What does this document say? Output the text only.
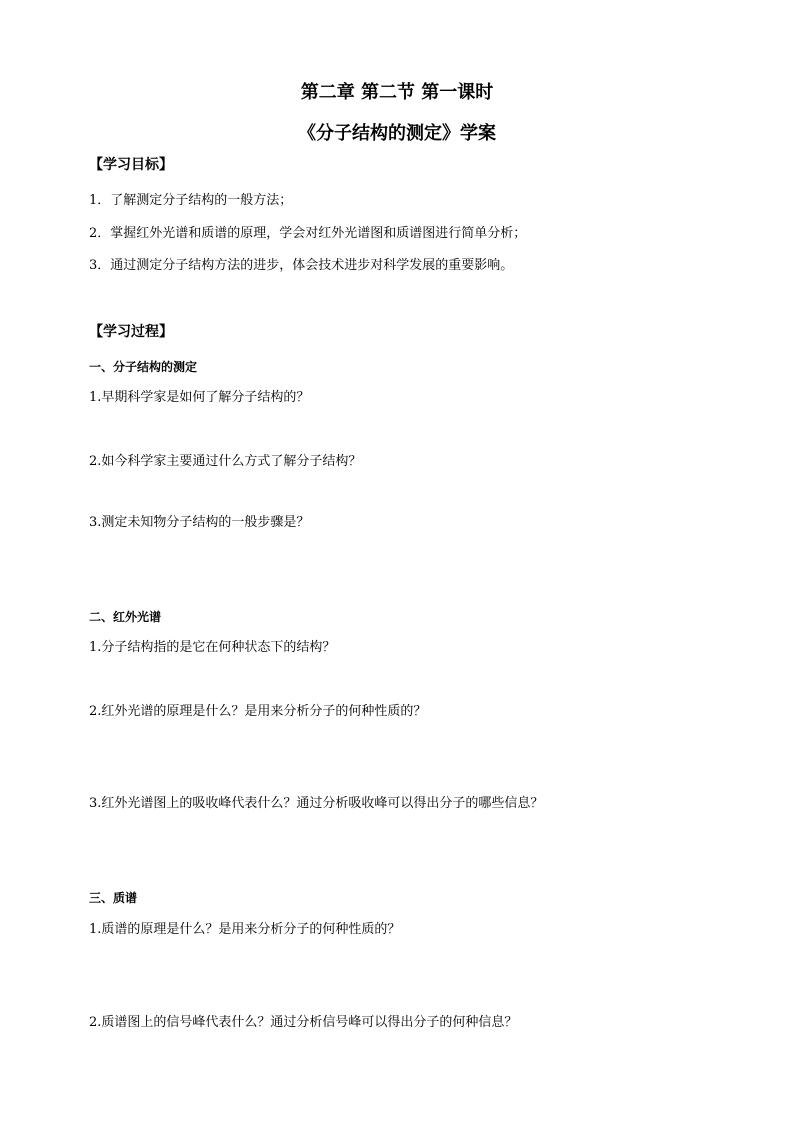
第二章 第二节 第一课时
《分子结构的测定》学案
【学习目标】
1．了解测定分子结构的一般方法；
2．掌握红外光谱和质谱的原理，学会对红外光谱图和质谱图进行简单分析；
3．通过测定分子结构方法的进步，体会技术进步对科学发展的重要影响。
【学习过程】
一、分子结构的测定
1.早期科学家是如何了解分子结构的？
2.如今科学家主要通过什么方式了解分子结构？
3.测定未知物分子结构的一般步骤是？
二、红外光谱
1.分子结构指的是它在何种状态下的结构？
2.红外光谱的原理是什么？是用来分析分子的何种性质的？
3.红外光谱图上的吸收峰代表什么？通过分析吸收峰可以得出分子的哪些信息？
三、质谱
1.质谱的原理是什么？是用来分析分子的何种性质的？
2.质谱图上的信号峰代表什么？通过分析信号峰可以得出分子的何种信息？
